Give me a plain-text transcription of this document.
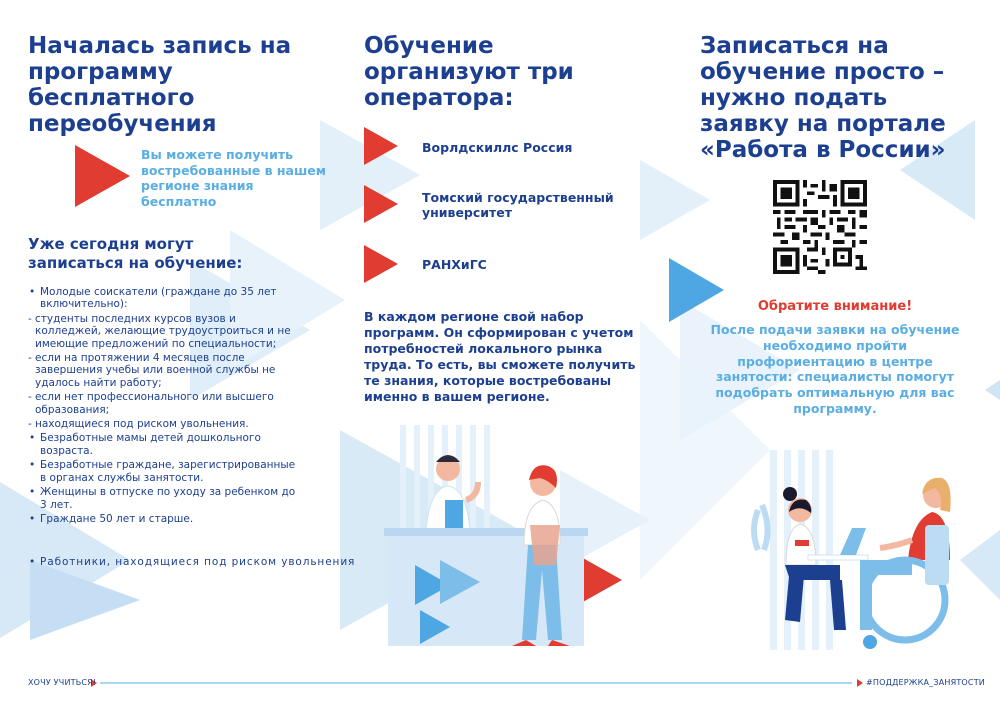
Началась запись на программу бесплатного переобучения
Вы можете получить востребованные в нашем регионе знания бесплатно
Уже сегодня могут записаться на обучение:
• Молодые соискатели (граждане до 35 лет включительно):
- студенты последних курсов вузов и колледжей, желающие трудоустроиться и не имеющие предложений по специальности;
- если на протяжении 4 месяцев после завершения учебы или военной службы не удалось найти работу;
- если нет профессионального или высшего образования;
- находящиеся под риском увольнения.
• Безработные мамы детей дошкольного возраста.
• Безработные граждане, зарегистрированные в органах службы занятости.
• Женщины в отпуске по уходу за ребенком до 3 лет.
• Граждане 50 лет и старше.
• Работники, находящиеся под риском увольнения
Обучение организуют три оператора:
Ворлдскиллс Россия
Томский государственный университет
РАНХиГС
В каждом регионе свой набор программ. Он сформирован с учетом потребностей локального рынка труда. То есть, вы сможете получить те знания, которые востребованы именно в вашем регионе.
Записаться на обучение просто – нужно подать заявку на портале «Работа в России»
Обратите внимание!
После подачи заявки на обучение необходимо пройти профориентацию в центре занятости: специалисты помогут подобрать оптимальную для вас программу.
ХОЧУ УЧИТЬСЯ!	#ПОДДЕРЖКА_ЗАНЯТОСТИ
